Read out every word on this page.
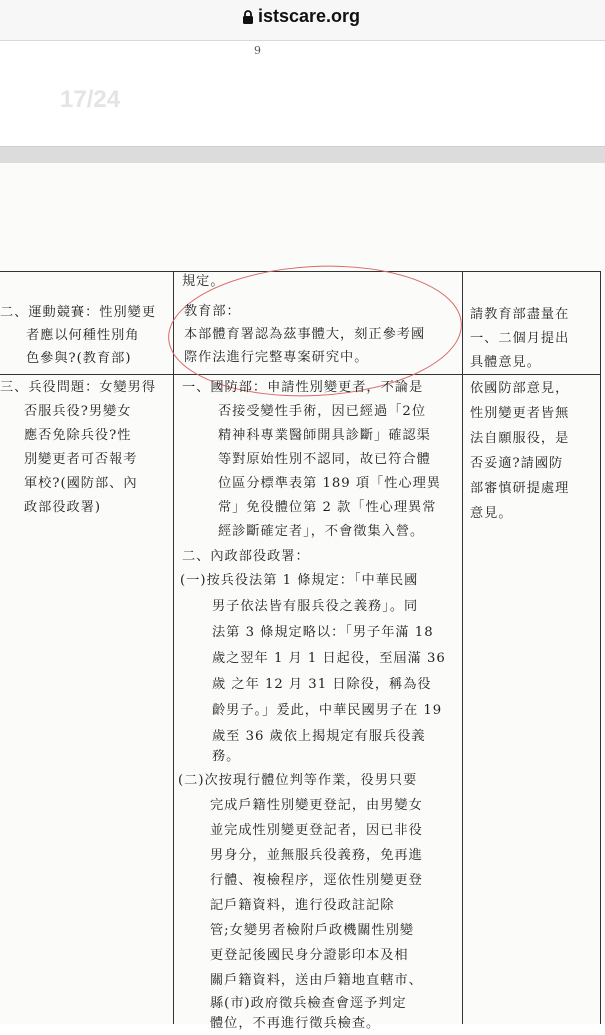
istscare.org
9
17/24
規定。
二、運動競賽：性別變更
者應以何種性別角
色參與?(教育部)
教育部：
本部體育署認為茲事體大，刻正參考國
際作法進行完整專案研究中。
請教育部盡量在
一、二個月提出
具體意見。
三、兵役問題：女變男得
否服兵役?男變女
應否免除兵役?性
別變更者可否報考
軍校?(國防部、內
政部役政署)
一、國防部：申請性別變更者，不論是
否接受變性手術，因已經過「2位
精神科專業醫師開具診斷」確認渠
等對原始性別不認同，故已符合體
位區分標準表第 189 項「性心理異
常」免役體位第 2 款「性心理異常
經診斷確定者」，不會徵集入營。
二、內政部役政署：
(一)按兵役法第 1 條規定：「中華民國
男子依法皆有服兵役之義務」。同
法第 3 條規定略以：「男子年滿 18
歲之翌年 1 月 1 日起役，至屆滿 36
歲 之年 12 月 31 日除役，稱為役
齡男子。」爰此，中華民國男子在 19
歲至 36 歲依上揭規定有服兵役義
務。
(二)次按現行體位判等作業，役男只要
完成戶籍性別變更登記，由男變女
並完成性別變更登記者，因已非役
男身分，並無服兵役義務，免再進
行體、複檢程序，逕依性別變更登
記戶籍資料，進行役政註記除
管;女變男者檢附戶政機關性別變
更登記後國民身分證影印本及相
關戶籍資料，送由戶籍地直轄市、
縣(市)政府徵兵檢查會逕予判定
體位，不再進行徵兵檢查。
依國防部意見，
性別變更者皆無
法自願服役，是
否妥適?請國防
部審慎研提處理
意見。
